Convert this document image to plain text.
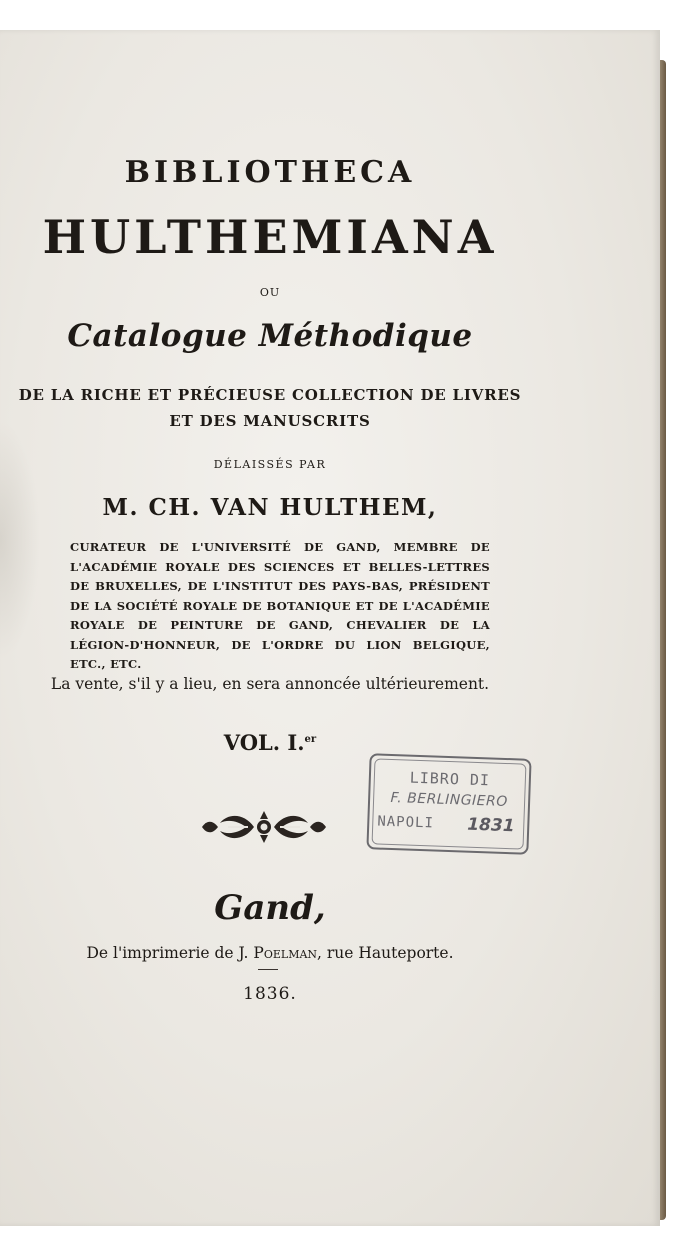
BIBLIOTHECA
HULTHEMIANA
OU
Catalogue Méthodique
DE LA RICHE ET PRÉCIEUSE COLLECTION DE LIVRES
ET DES MANUSCRITS
DÉLAISSÉS PAR
M. CH. VAN HULTHEM,
CURATEUR DE L'UNIVERSITÉ DE GAND, MEMBRE DE L'ACADÉMIE ROYALE DES SCIENCES ET BELLES-LETTRES DE BRUXELLES, DE L'INSTITUT DES PAYS-BAS, PRÉSIDENT DE LA SOCIÉTÉ ROYALE DE BOTANIQUE ET DE L'ACADÉMIE ROYALE DE PEINTURE DE GAND, CHEVALIER DE LA LÉGION-D'HONNEUR, DE L'ORDRE DU LION BELGIQUE, ETC., ETC.
La vente, s'il y a lieu, en sera annoncée ultérieurement.
VOL. I.$^{er}$
LIBRO DI
F. BERLINGIERO
NAPOLI 1831
Gand,
De l'imprimerie de J. Poelman, rue Hauteporte.
1836.
